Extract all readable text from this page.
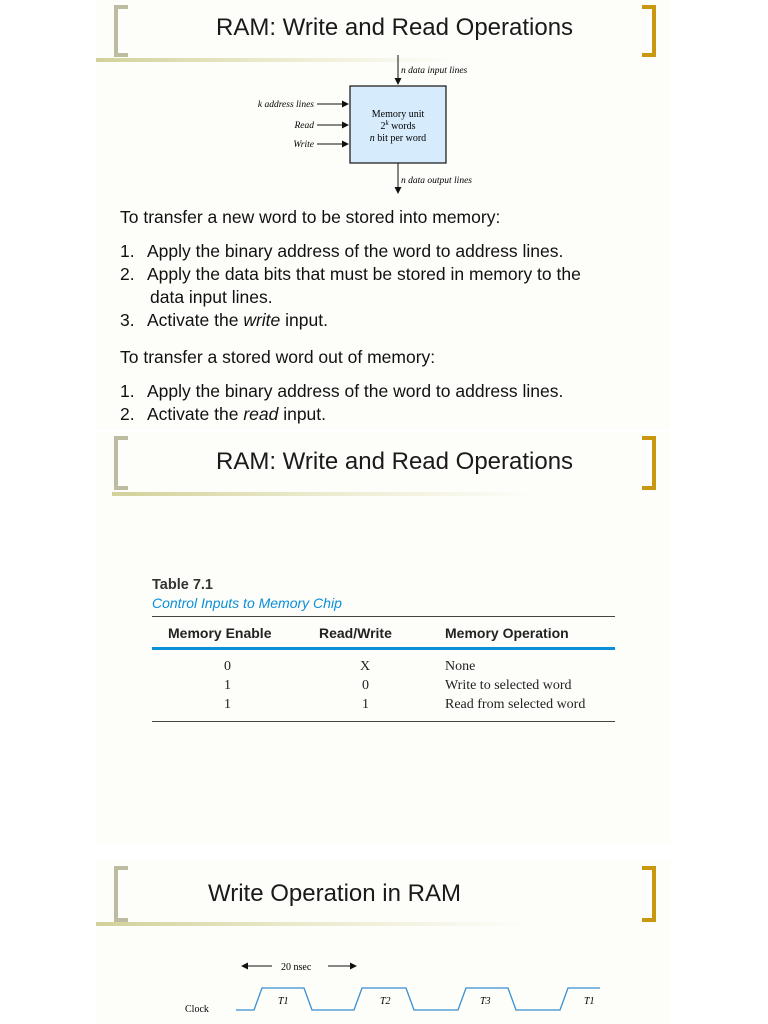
RAM: Write and Read Operations
Memory unit
2$^k$ words
n bit per word
n data input lines
n data output lines
k address lines
Read
Write
To transfer a new word to be stored into memory:
1. Apply the binary address of the word to address lines.
2. Apply the data bits that must be stored in memory to the
data input lines.
3. Activate the write input.
To transfer a stored word out of memory:
1. Apply the binary address of the word to address lines.
2. Activate the read input.
RAM: Write and Read Operations
Table 7.1
Control Inputs to Memory Chip
Memory Enable	Read/Write	Memory Operation
0	X	None
1	0	Write to selected word
1	1	Read from selected word
Write Operation in RAM
20 nsec
Clock
T1	T2	T3	T1
